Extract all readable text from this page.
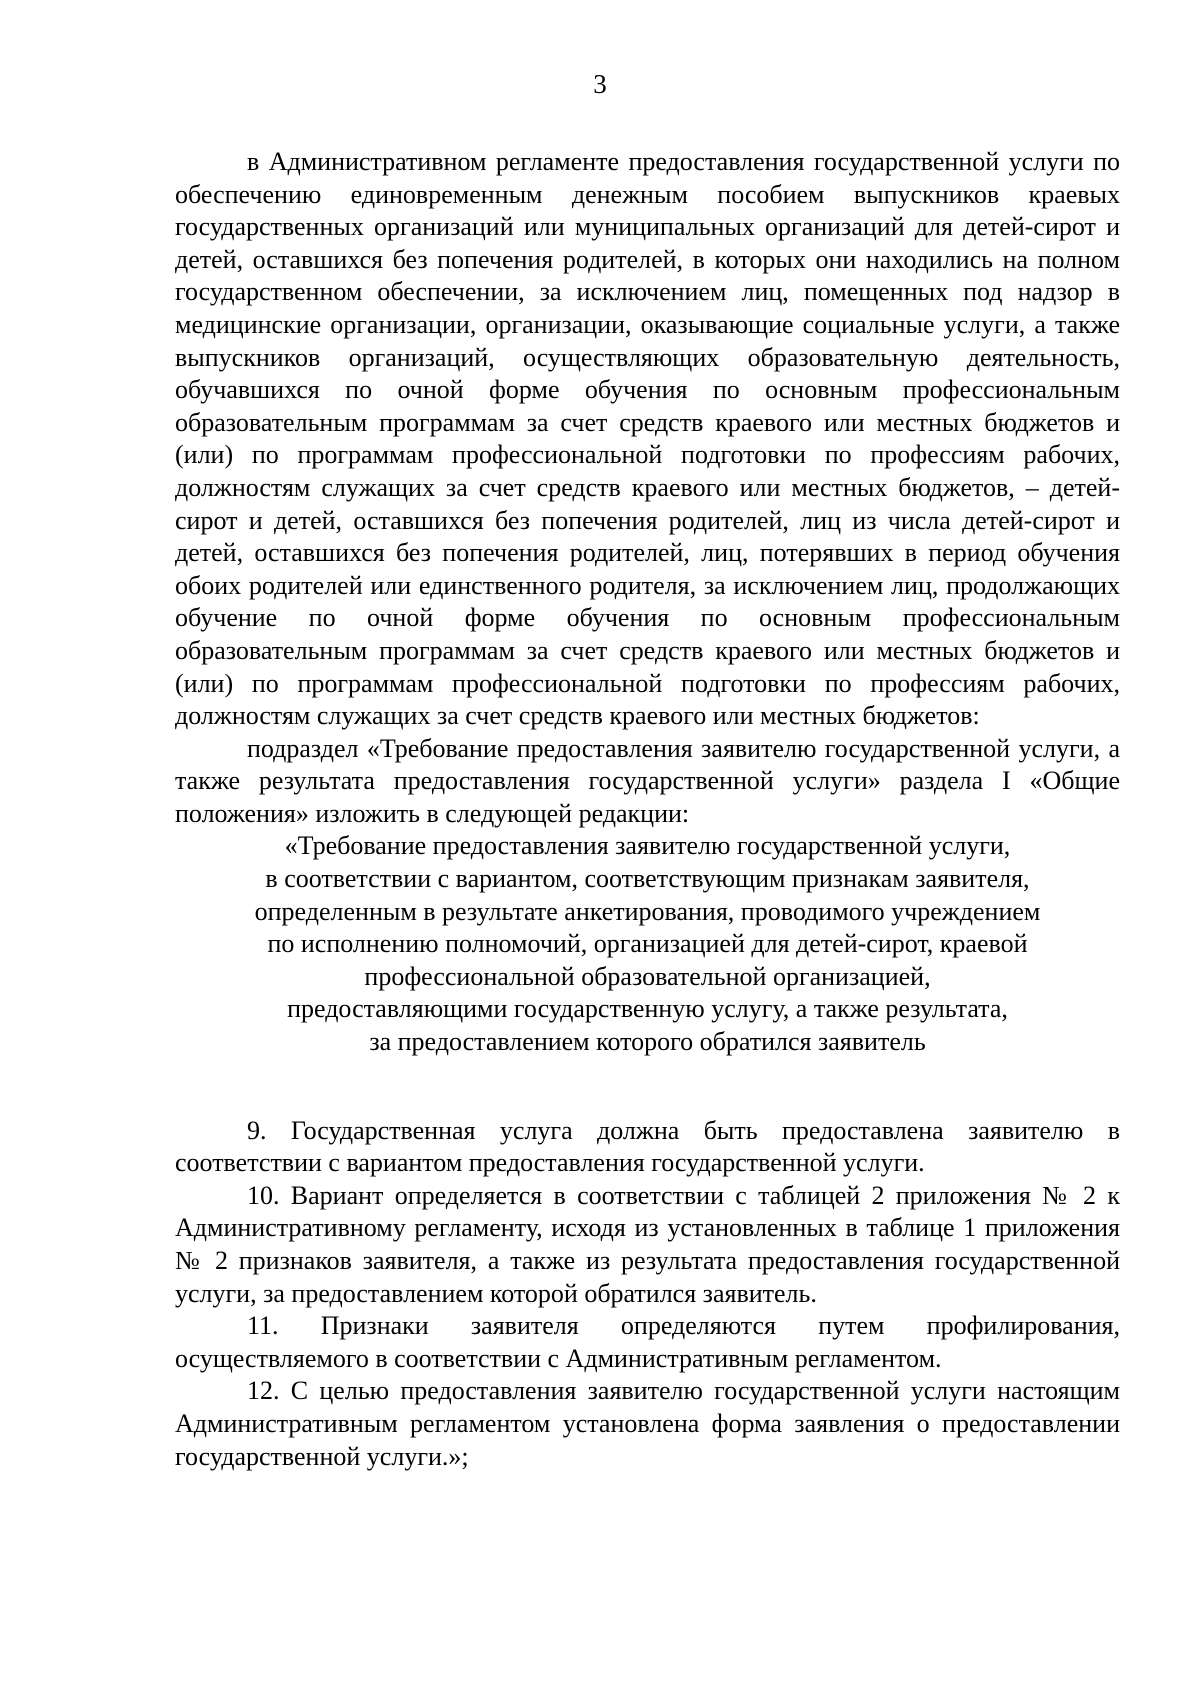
3

в Административном регламенте предоставления государственной услуги по обеспечению единовременным денежным пособием выпускников краевых государственных организаций или муниципальных организаций для детей-сирот и детей, оставшихся без попечения родителей, в которых они находились на полном государственном обеспечении, за исключением лиц, помещенных под надзор в медицинские организации, организации, оказывающие социальные услуги, а также выпускников организаций, осуществляющих образовательную деятельность, обучавшихся по очной форме обучения по основным профессиональным образовательным программам за счет средств краевого или местных бюджетов и (или) по программам профессиональной подготовки по профессиям рабочих, должностям служащих за счет средств краевого или местных бюджетов, – детей-сирот и детей, оставшихся без попечения родителей, лиц из числа детей-сирот и детей, оставшихся без попечения родителей, лиц, потерявших в период обучения обоих родителей или единственного родителя, за исключением лиц, продолжающих обучение по очной форме обучения по основным профессиональным образовательным программам за счет средств краевого или местных бюджетов и (или) по программам профессиональной подготовки по профессиям рабочих, должностям служащих за счет средств краевого или местных бюджетов:

подраздел «Требование предоставления заявителю государственной услуги, а также результата предоставления государственной услуги» раздела I «Общие положения» изложить в следующей редакции:

«Требование предоставления заявителю государственной услуги,
в соответствии с вариантом, соответствующим признакам заявителя,
определенным в результате анкетирования, проводимого учреждением
по исполнению полномочий, организацией для детей-сирот, краевой
профессиональной образовательной организацией,
предоставляющими государственную услугу, а также результата,
за предоставлением которого обратился заявитель

9. Государственная услуга должна быть предоставлена заявителю в соответствии с вариантом предоставления государственной услуги.

10. Вариант определяется в соответствии с таблицей 2 приложения № 2 к Административному регламенту, исходя из установленных в таблице 1 приложения № 2 признаков заявителя, а также из результата предоставления государственной услуги, за предоставлением которой обратился заявитель.

11. Признаки заявителя определяются путем профилирования, осуществляемого в соответствии с Административным регламентом.

12. С целью предоставления заявителю государственной услуги настоящим Административным регламентом установлена форма заявления о предоставлении государственной услуги.»;
